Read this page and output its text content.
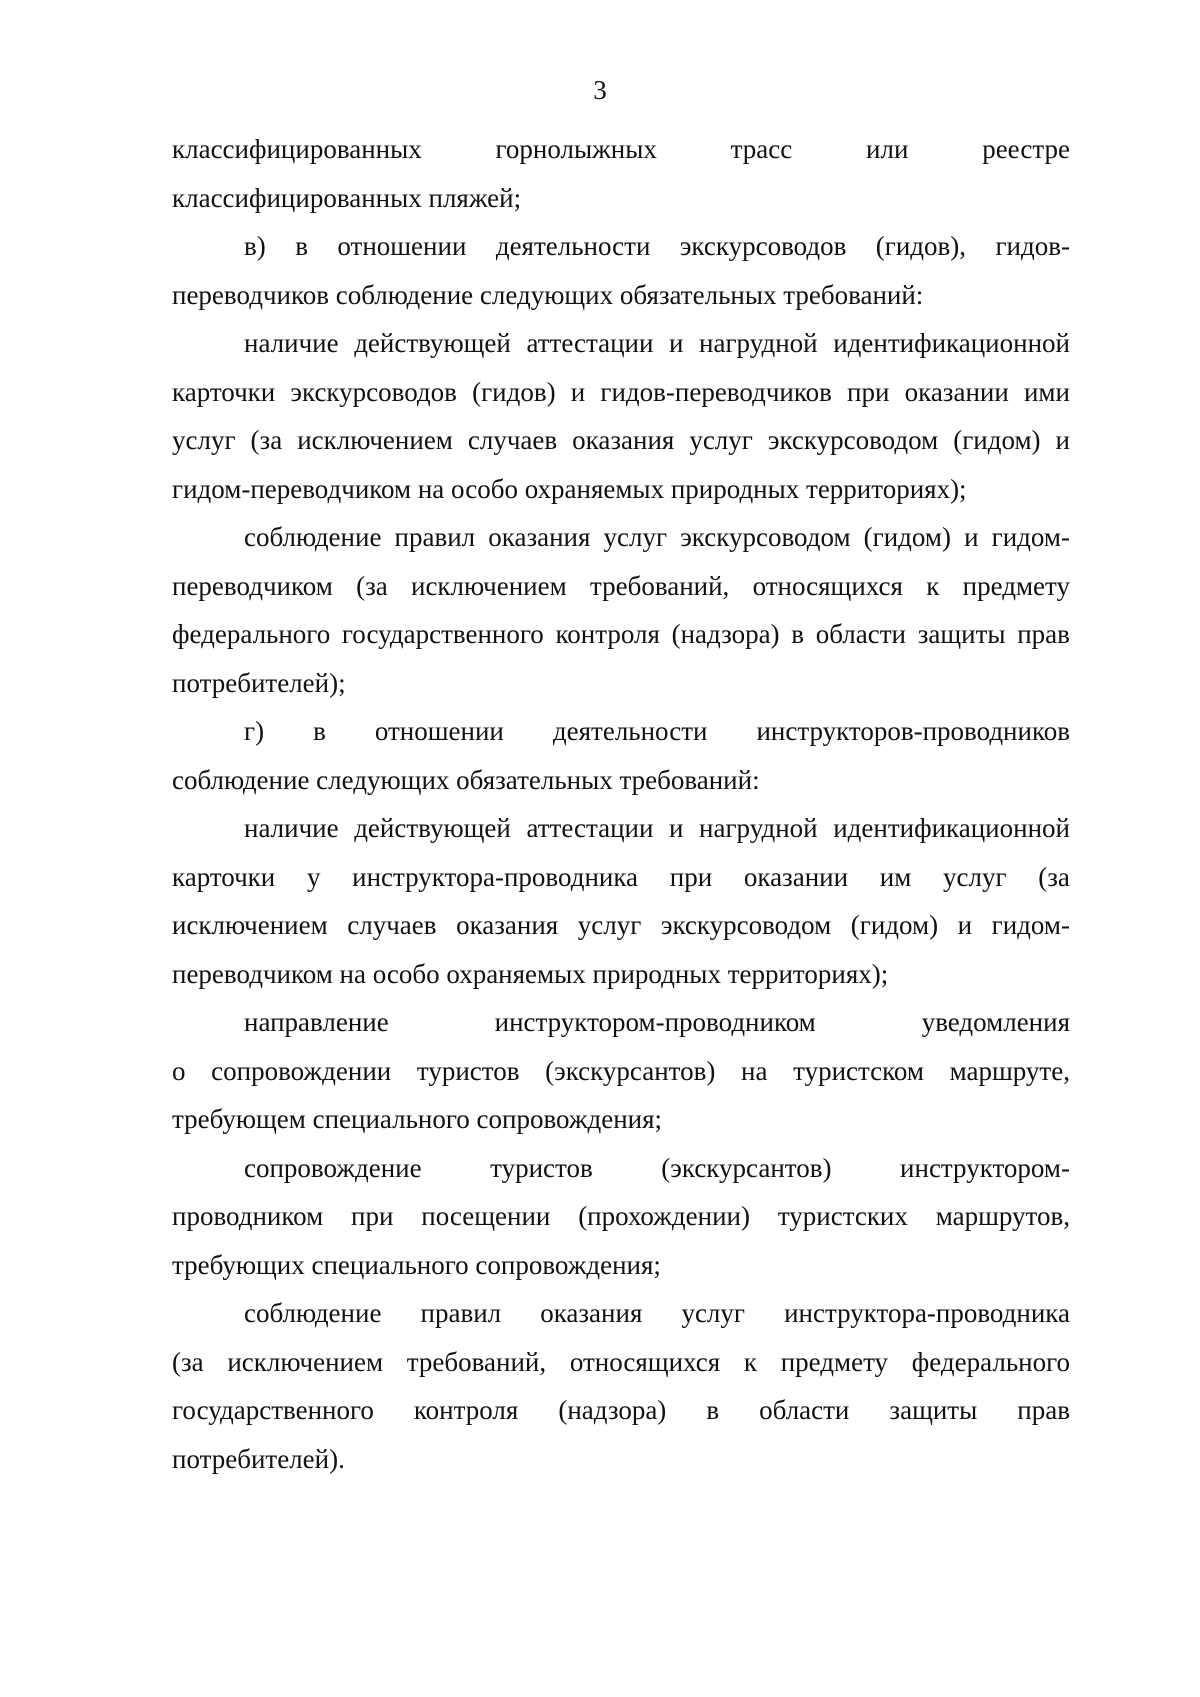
3
классифицированных	горнолыжных	трасс	или	реестре
классифицированных пляжей;
в) в отношении деятельности экскурсоводов (гидов), гидов-
переводчиков соблюдение следующих обязательных требований:
наличие действующей аттестации и нагрудной идентификационной
карточки экскурсоводов (гидов) и гидов-переводчиков при оказании ими
услуг (за исключением случаев оказания услуг экскурсоводом (гидом) и
гидом-переводчиком на особо охраняемых природных территориях);
соблюдение правил оказания услуг экскурсоводом (гидом) и гидом-
переводчиком (за исключением требований, относящихся к предмету
федерального государственного контроля (надзора) в области защиты прав
потребителей);
г) в отношении деятельности инструкторов-проводников
соблюдение следующих обязательных требований:
наличие действующей аттестации и нагрудной идентификационной
карточки у инструктора-проводника при оказании им услуг (за
исключением случаев оказания услуг экскурсоводом (гидом) и гидом-
переводчиком на особо охраняемых природных территориях);
направление	инструктором-проводником	уведомления
о сопровождении туристов (экскурсантов) на туристском маршруте,
требующем специального сопровождения;
сопровождение	туристов	(экскурсантов)	инструктором-
проводником при посещении (прохождении) туристских маршрутов,
требующих специального сопровождения;
соблюдение правил оказания услуг инструктора-проводника
(за исключением требований, относящихся к предмету федерального
государственного контроля (надзора) в области защиты прав
потребителей).
